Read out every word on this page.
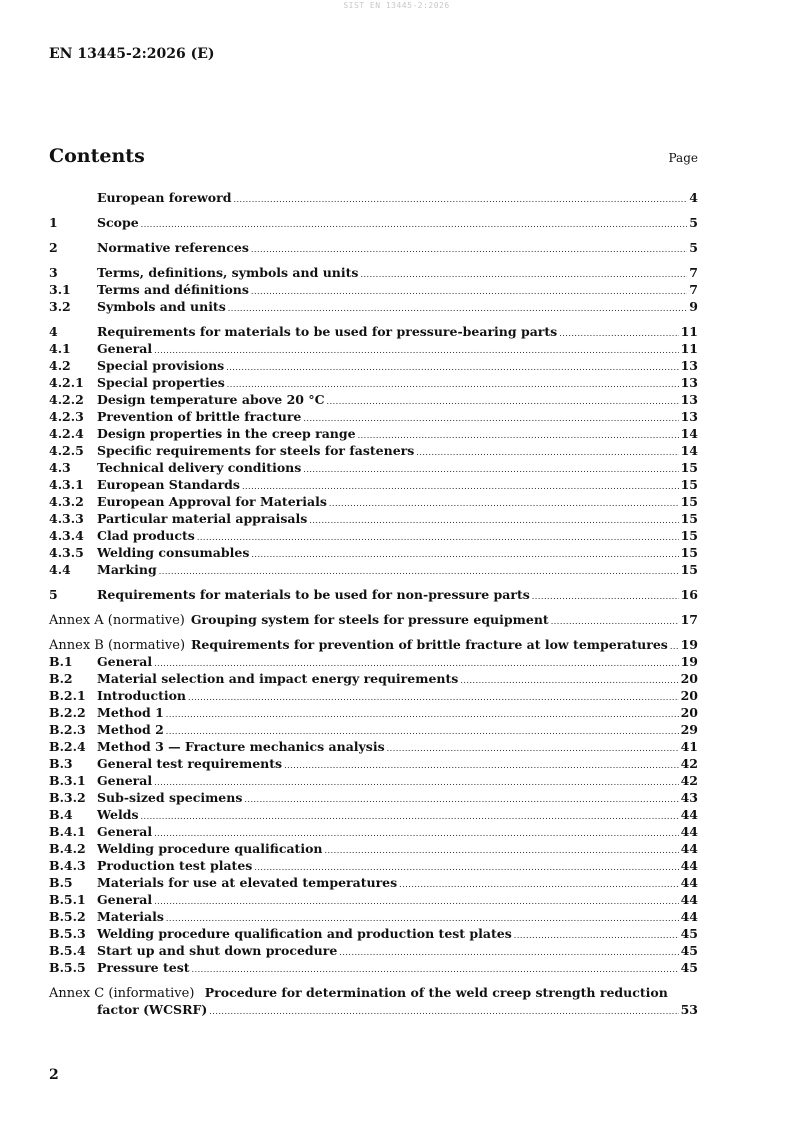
SIST EN 13445-2:2026
EN 13445-2:2026 (E)
Contents	Page
European foreword .....	4
1	Scope .....	5
2	Normative references .....	5
3	Terms, definitions, symbols and units .....	7
3.1	Terms and définitions .....	7
3.2	Symbols and units .....	9
4	Requirements for materials to be used for pressure-bearing parts .....	11
4.1	General .....	11
4.2	Special provisions .....	13
4.2.1	Special properties .....	13
4.2.2	Design temperature above 20 °C .....	13
4.2.3	Prevention of brittle fracture .....	13
4.2.4	Design properties in the creep range .....	14
4.2.5	Specific requirements for steels for fasteners .....	14
4.3	Technical delivery conditions .....	15
4.3.1	European Standards .....	15
4.3.2	European Approval for Materials .....	15
4.3.3	Particular material appraisals .....	15
4.3.4	Clad products .....	15
4.3.5	Welding consumables .....	15
4.4	Marking .....	15
5	Requirements for materials to be used for non-pressure parts .....	16
Annex A (normative) Grouping system for steels for pressure equipment .....	17
Annex B (normative) Requirements for prevention of brittle fracture at low temperatures ..... 19
B.1	General .....	19
B.2	Material selection and impact energy requirements .....	20
B.2.1 Introduction .....	20
B.2.2 Method 1 .....	20
B.2.3 Method 2 .....	29
B.2.4 Method 3 — Fracture mechanics analysis .....	41
B.3	General test requirements .....	42
B.3.1 General .....	42
B.3.2 Sub-sized specimens .....	43
B.4	Welds .....	44
B.4.1 General .....	44
B.4.2 Welding procedure qualification .....	44
B.4.3 Production test plates .....	44
B.5	Materials for use at elevated temperatures .....	44
B.5.1 General .....	44
B.5.2 Materials .....	44
B.5.3 Welding procedure qualification and production test plates .....	45
B.5.4 Start up and shut down procedure .....	45
B.5.5 Pressure test .....	45
Annex C (informative) Procedure for determination of the weld creep strength reduction
factor (WCSRF) .....	53
2
